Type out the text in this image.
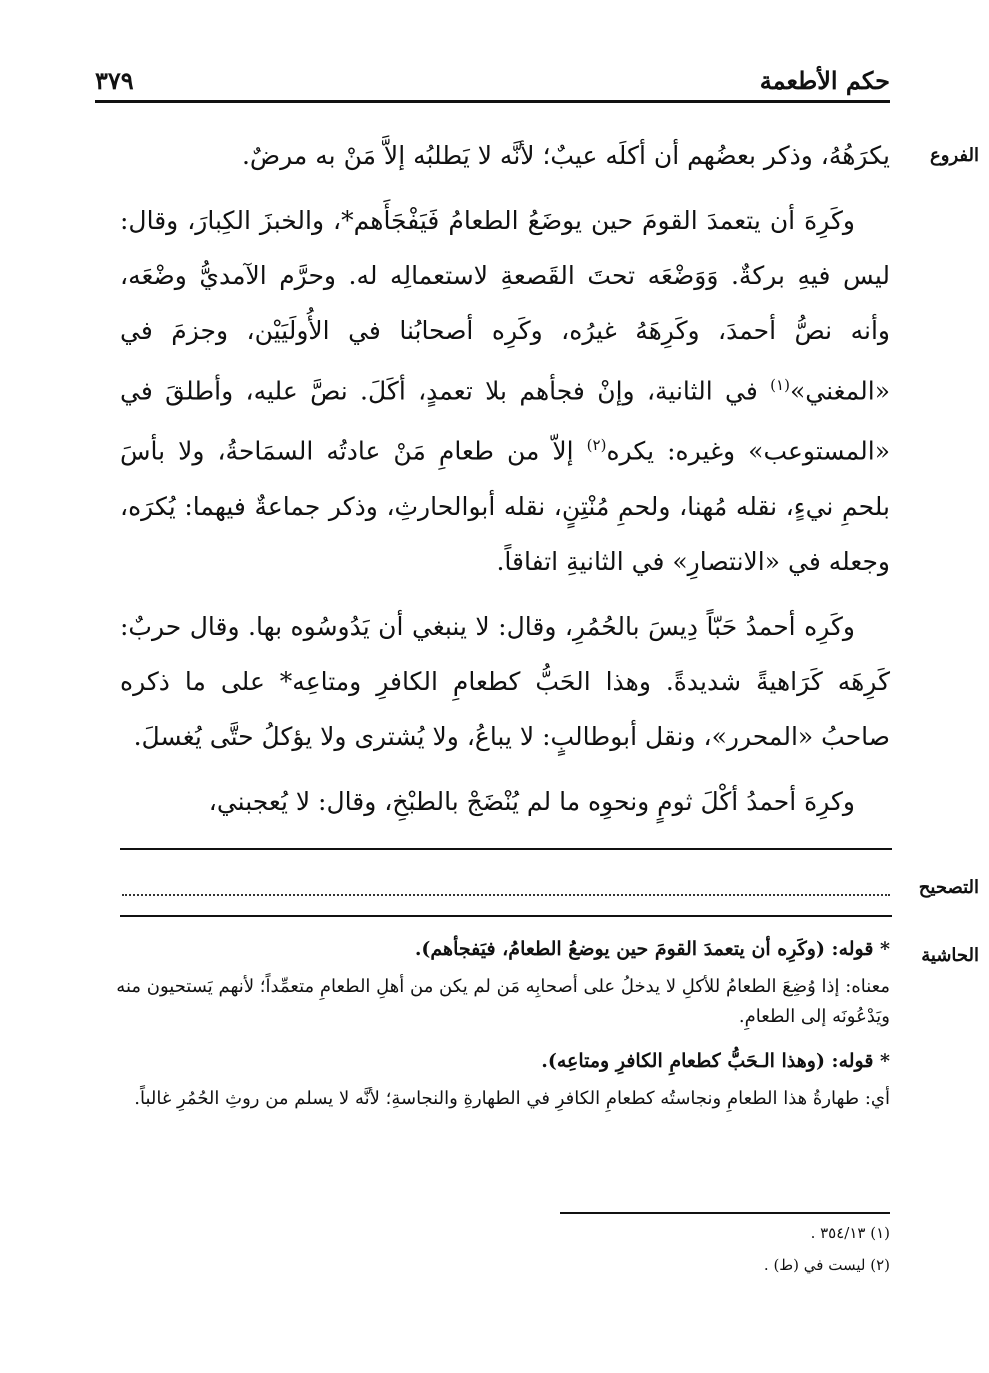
حكم الأطعمة
٣٧٩
الفروع
التصحيح
الحاشية

يكرَهُهُ، وذكر بعضُهم أن أكلَه عيبٌ؛ لأنَّه لا يَطلبُه إلاَّ مَنْ به مرضٌ.

وكَرِهَ أن يتعمدَ القومَ حين يوضَعُ الطعامُ فَيَفْجَأَهم*، والخبزَ الكِبارَ، وقال: ليس فيهِ بركةٌ. وَوَضْعَه تحتَ القَصعةِ لاستعمالِه له. وحرَّم الآمديُّ وضْعَه، وأنه نصُّ أحمدَ، وكَرِهَهُ غيرُه، وكَرِه أصحابُنا في الأُولَيَيْن، وجزمَ في «المغني»$^{(١)}$ في الثانية، وإنْ فجأهم بلا تعمدٍ، أكَلَ. نصَّ عليه، وأطلقَ في «المستوعب» وغيره: يكره$^{(٢)}$ إلاّ من طعامِ مَنْ عادتُه السمَاحةُ، ولا بأسَ بلحمِ نيءٍ، نقله مُهنا، ولحمِ مُنْتِنٍ، نقله أبوالحارثِ، وذكر جماعةٌ فيهما: يُكرَه، وجعله في «الانتصارِ» في الثانيةِ اتفاقاً.

وكَرِه أحمدُ حَبّاً دِيسَ بالحُمُرِ، وقال: لا ينبغي أن يَدُوسُوه بها. وقال حربٌ: كَرِهَه كَرَاهيةً شديدةً. وهذا الحَبُّ كطعامِ الكافرِ ومتاعِه* على ما ذكره صاحبُ «المحرر»، ونقل أبوطالبٍ: لا يباعُ، ولا يُشترى ولا يؤكلُ حتَّى يُغسلَ.

وكرِهَ أحمدُ أكْلَ ثومٍ ونحوِه ما لم يُنْضَجْ بالطبْخِ، وقال: لا يُعجبني،

* قوله: (وكَرِه أن يتعمدَ القومَ حين يوضعُ الطعامُ، فيَفجأهم).
معناه: إذا وُضِعَ الطعامُ للأكلِ لا يدخلُ على أصحابِه مَن لم يكن من أهلِ الطعامِ متعمِّداً؛ لأنهم يَستحيون منه ويَدْعُونَه إلى الطعامِ.
* قوله: (وهذا الـحَبُّ كطعامِ الكافرِ ومتاعِه).
أي: طهارةُ هذا الطعامِ ونجاستُه كطعامِ الكافرِ في الطهارةِ والنجاسةِ؛ لأنَّه لا يسلم من روثِ الحُمُرِ غالباً.
(١) ٣٥٤/١٣ .
(٢) ليست في (ط) .
